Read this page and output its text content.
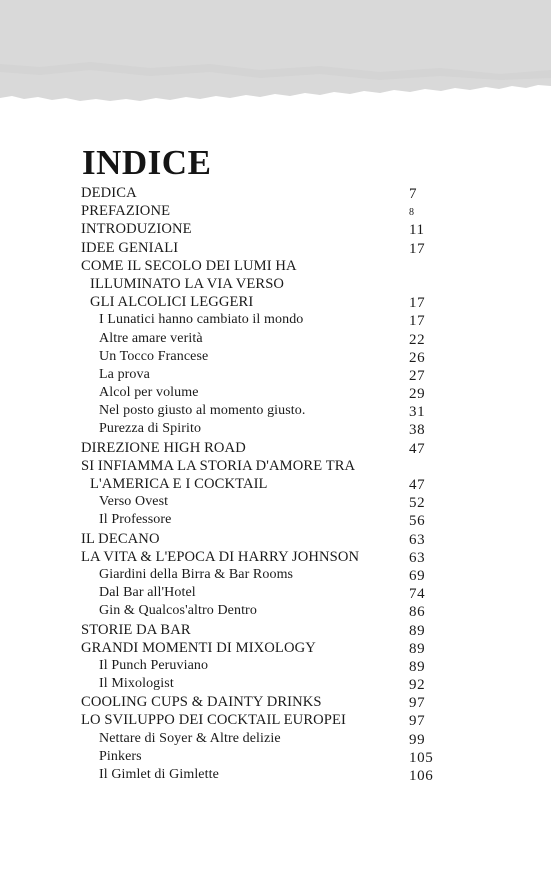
INDICE
DEDICA	7
PREFAZIONE	8
INTRODUZIONE	11
IDEE GENIALI	17
COME IL SECOLO DEI LUMI HA
ILLUMINATO LA VIA VERSO
GLI ALCOLICI LEGGERI	17
I Lunatici hanno cambiato il mondo	17
Altre amare verità	22
Un Tocco Francese	26
La prova	27
Alcol per volume	29
Nel posto giusto al momento giusto.	31
Purezza di Spirito	38
DIREZIONE HIGH ROAD	47
SI INFIAMMA LA STORIA D'AMORE TRA
L'AMERICA E I COCKTAIL	47
Verso Ovest	52
Il Professore	56
IL DECANO	63
LA VITA & L'EPOCA DI HARRY JOHNSON	63
Giardini della Birra & Bar Rooms	69
Dal Bar all'Hotel	74
Gin & Qualcos'altro Dentro	86
STORIE DA BAR	89
GRANDI MOMENTI DI MIXOLOGY	89
Il Punch Peruviano	89
Il Mixologist	92
COOLING CUPS & DAINTY DRINKS	97
LO SVILUPPO DEI COCKTAIL EUROPEI	97
Nettare di Soyer & Altre delizie	99
Pinkers	105
Il Gimlet di Gimlette	106
